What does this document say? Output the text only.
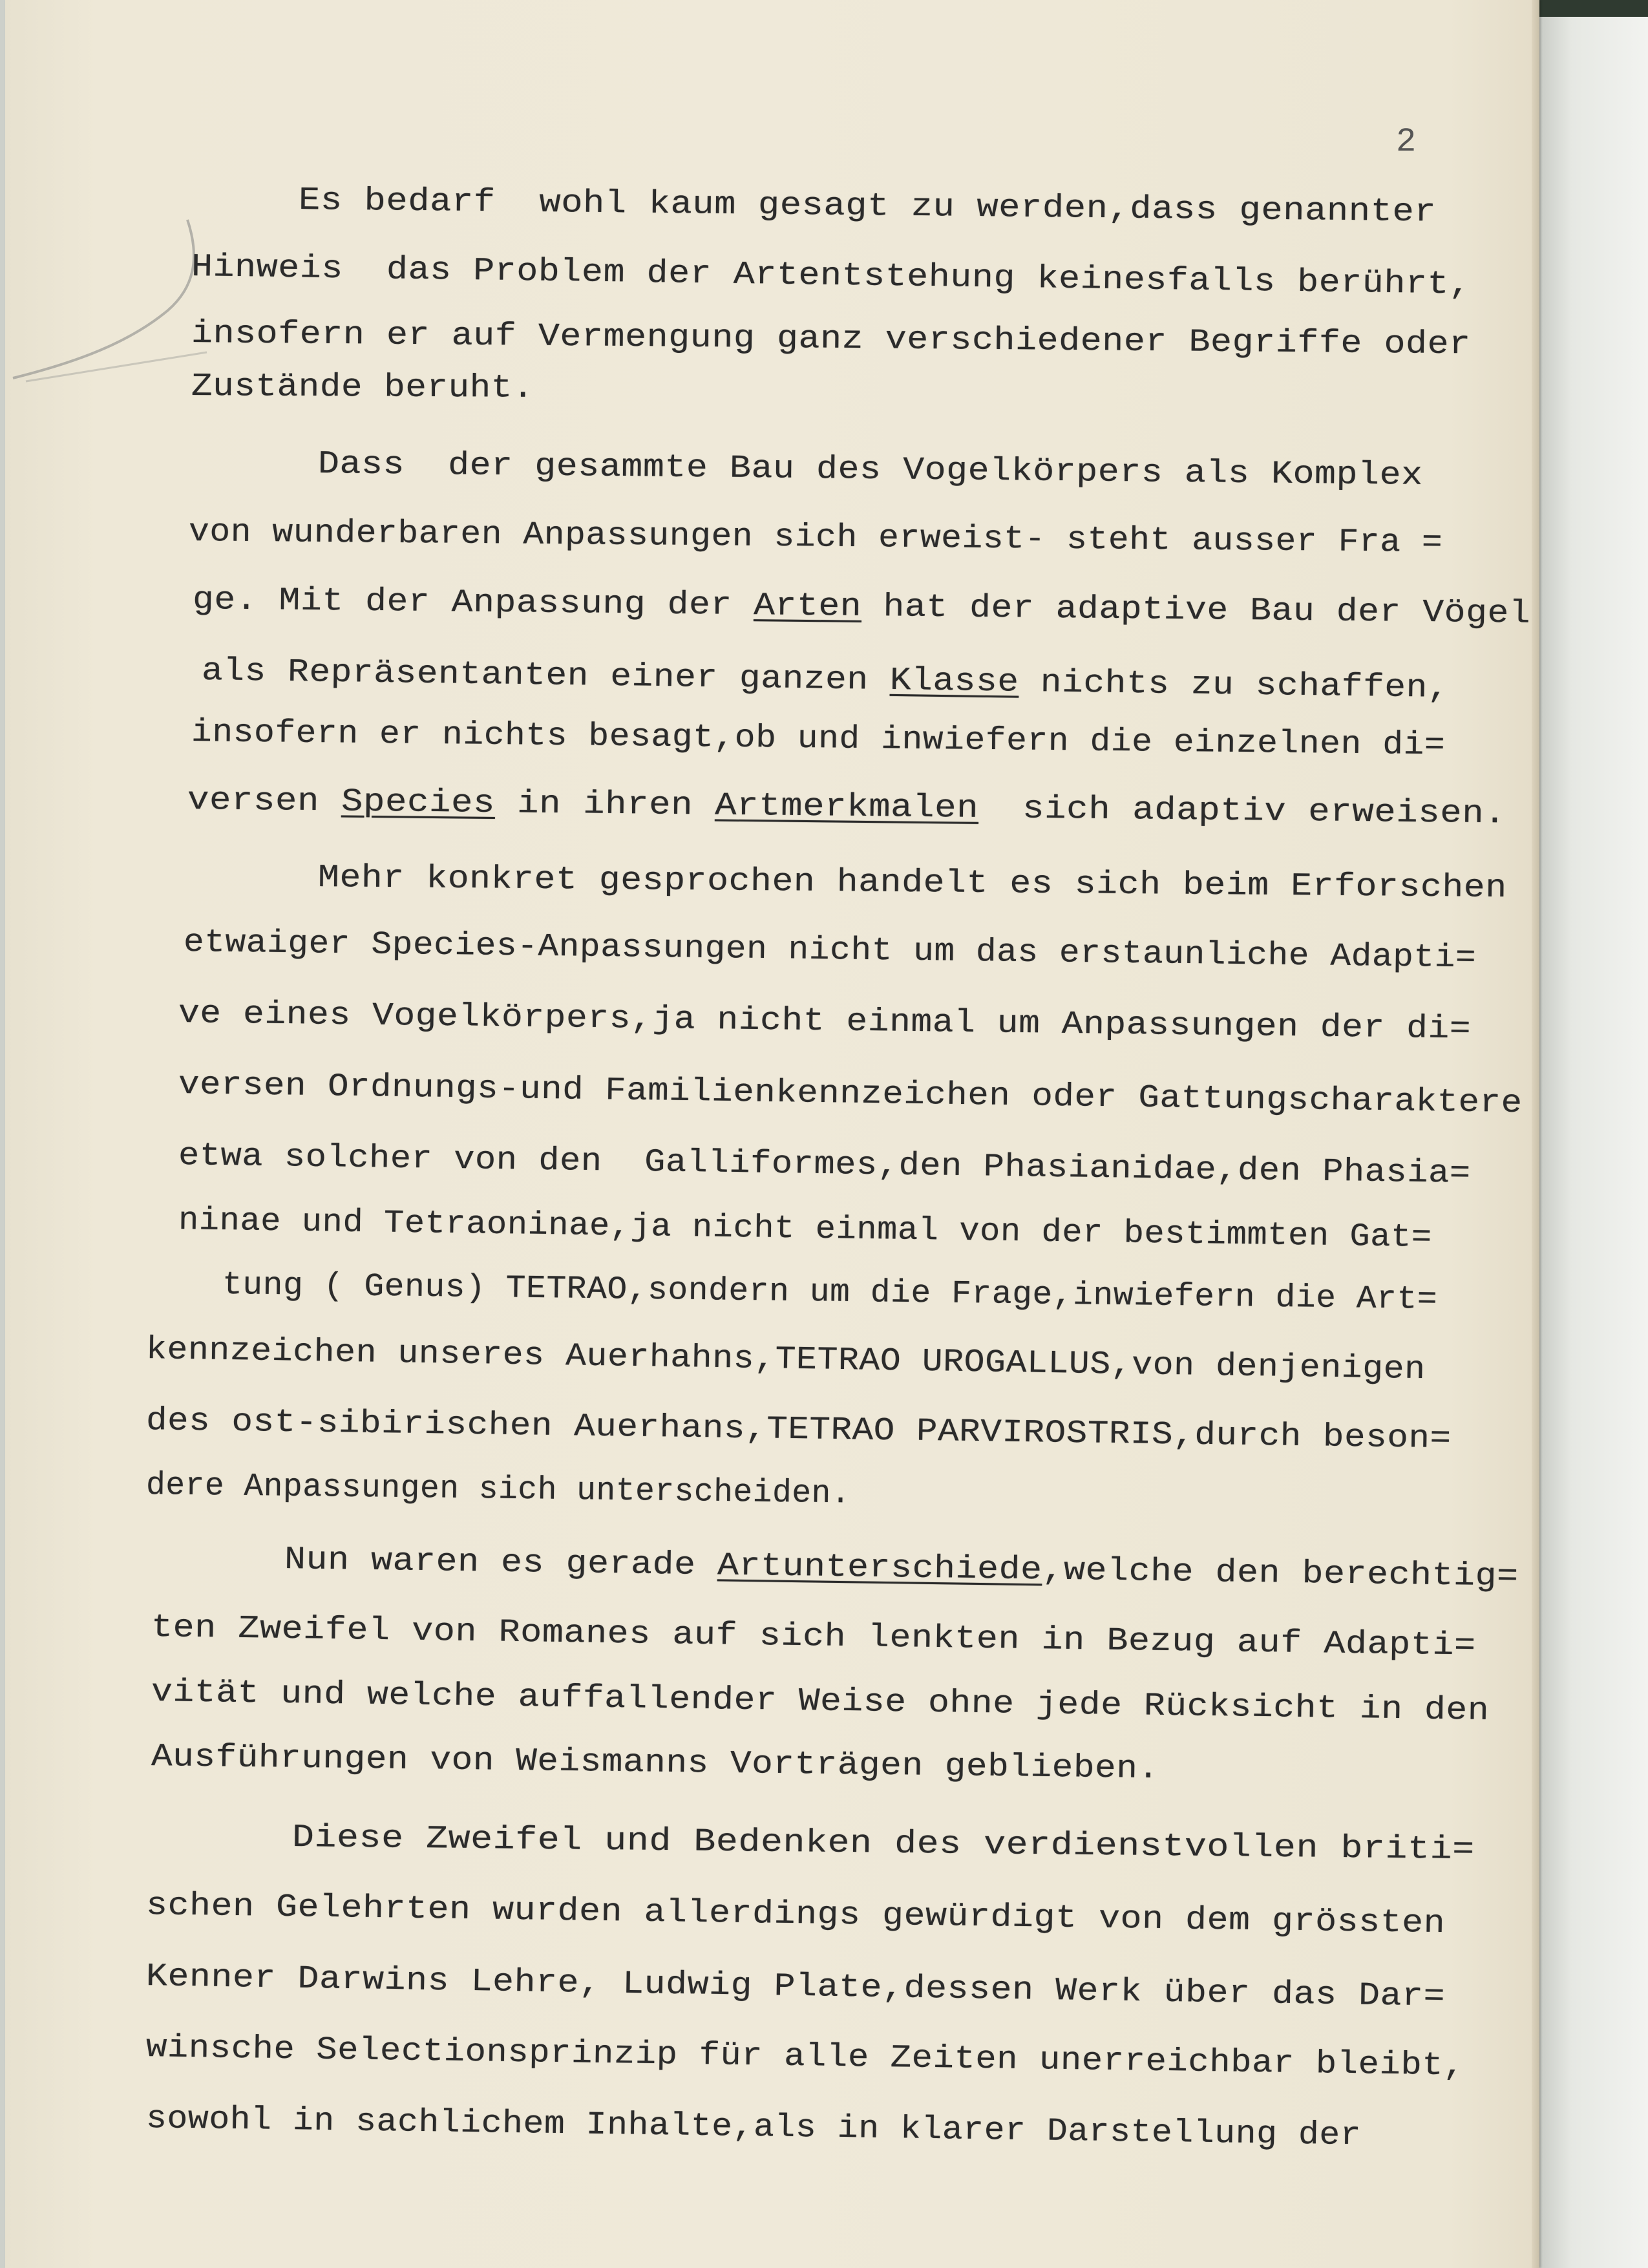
2
Es bedarf  wohl kaum gesagt zu werden,dass genannter
Hinweis  das Problem der Artentstehung keinesfalls berührt,
insofern er auf Vermengung ganz verschiedener Begriffe oder
Zustände beruht.
Dass  der gesammte Bau des Vogelkörpers als Komplex
von wunderbaren Anpassungen sich erweist- steht ausser Fra =
ge. Mit der Anpassung der Arten hat der adaptive Bau der Vögel
als Repräsentanten einer ganzen Klasse nichts zu schaffen,
insofern er nichts besagt,ob und inwiefern die einzelnen di=
versen Species in ihren Artmerkmalen  sich adaptiv erweisen.
Mehr konkret gesprochen handelt es sich beim Erforschen
etwaiger Species-Anpassungen nicht um das erstaunliche Adapti=
ve eines Vogelkörpers,ja nicht einmal um Anpassungen der di=
versen Ordnungs-und Familienkennzeichen oder Gattungscharaktere
etwa solcher von den  Galliformes,den Phasianidae,den Phasia=
ninae und Tetraoninae,ja nicht einmal von der bestimmten Gat=
tung ( Genus) TETRAO,sondern um die Frage,inwiefern die Art=
kennzeichen unseres Auerhahns,TETRAO UROGALLUS,von denjenigen
des ost-sibirischen Auerhans,TETRAO PARVIROSTRIS,durch beson=
dere Anpassungen sich unterscheiden.
Nun waren es gerade Artunterschiede,welche den berechtig=
ten Zweifel von Romanes auf sich lenkten in Bezug auf Adapti=
vität und welche auffallender Weise ohne jede Rücksicht in den
Ausführungen von Weismanns Vorträgen geblieben.
Diese Zweifel und Bedenken des verdienstvollen briti=
schen Gelehrten wurden allerdings gewürdigt von dem grössten
Kenner Darwins Lehre, Ludwig Plate,dessen Werk über das Dar=
winsche Selectionsprinzip für alle Zeiten unerreichbar bleibt,
sowohl in sachlichem Inhalte,als in klarer Darstellung der
